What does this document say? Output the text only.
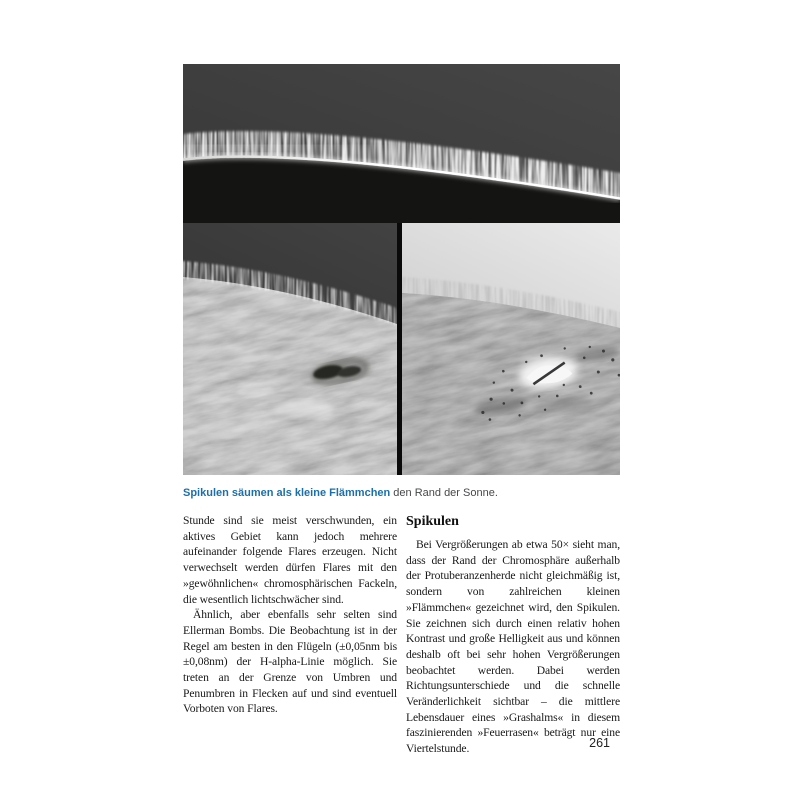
Spikulen säumen als kleine Flämmchen den Rand der Sonne.

Stunde sind sie meist verschwunden, ein aktives Gebiet kann jedoch mehrere aufeinander folgende Flares erzeugen. Nicht verwechselt werden dürfen Flares mit den »gewöhnlichen« chromosphärischen Fackeln, die wesentlich lichtschwächer sind.

Ähnlich, aber ebenfalls sehr selten sind Ellerman Bombs. Die Beobachtung ist in der Regel am besten in den Flügeln (±0,05nm bis ±0,08nm) der H-alpha-Linie möglich. Sie treten an der Grenze von Umbren und Penumbren in Flecken auf und sind eventuell Vorboten von Flares.

Spikulen

Bei Vergrößerungen ab etwa 50× sieht man, dass der Rand der Chromosphäre außerhalb der Protuberanzenherde nicht gleichmäßig ist, sondern von zahlreichen kleinen »Flämmchen« gezeichnet wird, den Spikulen. Sie zeichnen sich durch einen relativ hohen Kontrast und große Helligkeit aus und können deshalb oft bei sehr hohen Vergrößerungen beobachtet werden. Dabei werden Richtungsunterschiede und die schnelle Veränderlichkeit sichtbar – die mittlere Lebensdauer eines »Grashalms« in diesem faszinierenden »Feuerrasen« beträgt nur eine Viertelstunde.	261
